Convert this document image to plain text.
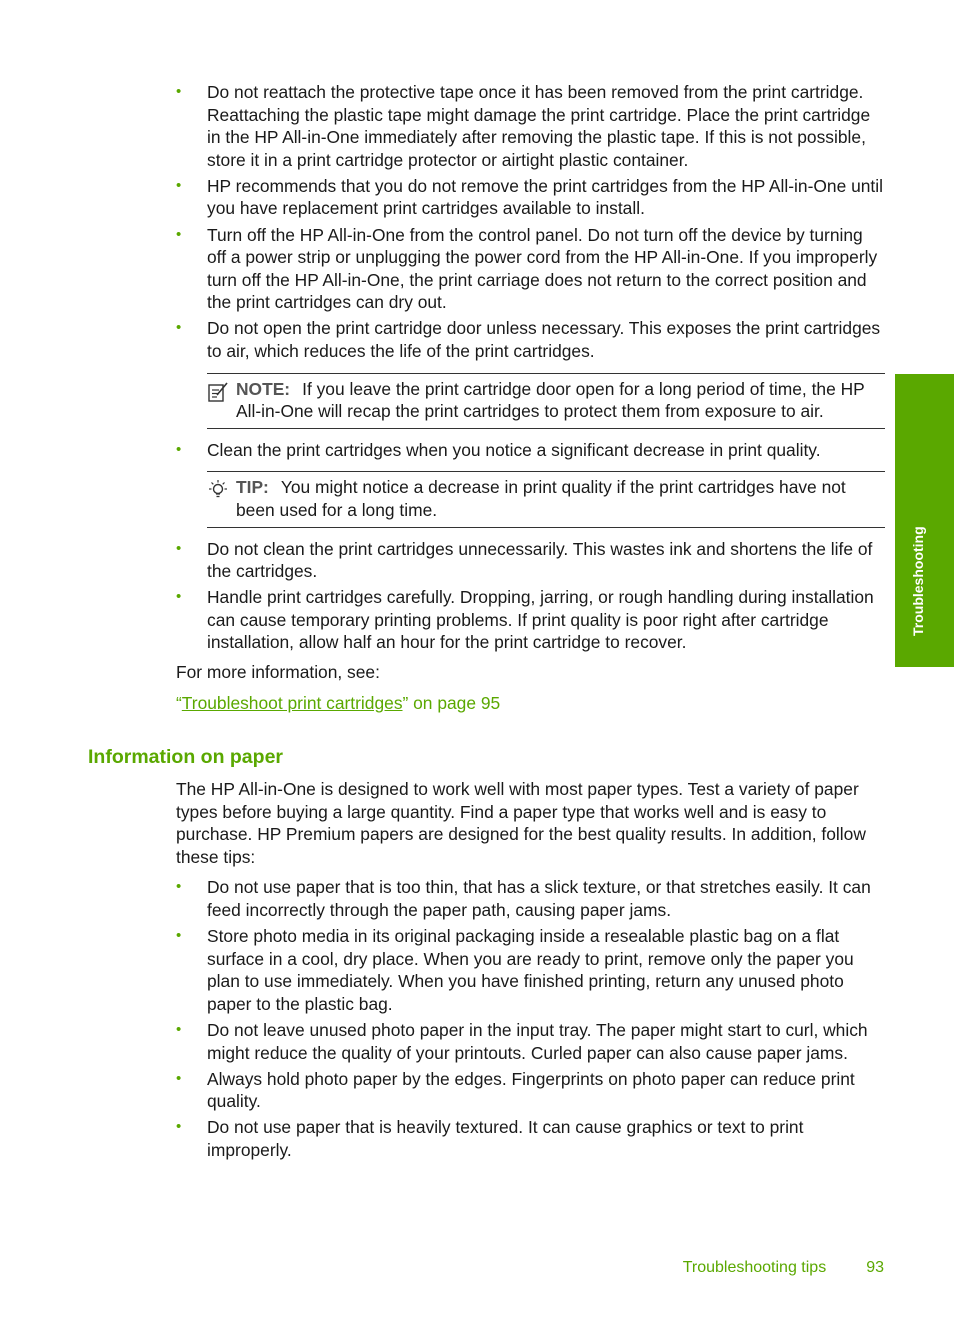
• Do not reattach the protective tape once it has been removed from the print cartridge. Reattaching the plastic tape might damage the print cartridge. Place the print cartridge in the HP All-in-One immediately after removing the plastic tape. If this is not possible, store it in a print cartridge protector or airtight plastic container.
• HP recommends that you do not remove the print cartridges from the HP All-in-One until you have replacement print cartridges available to install.
• Turn off the HP All-in-One from the control panel. Do not turn off the device by turning off a power strip or unplugging the power cord from the HP All-in-One. If you improperly turn off the HP All-in-One, the print carriage does not return to the correct position and the print cartridges can dry out.
• Do not open the print cartridge door unless necessary. This exposes the print cartridges to air, which reduces the life of the print cartridges.
NOTE: If you leave the print cartridge door open for a long period of time, the HP All-in-One will recap the print cartridges to protect them from exposure to air.
• Clean the print cartridges when you notice a significant decrease in print quality.
TIP: You might notice a decrease in print quality if the print cartridges have not been used for a long time.
• Do not clean the print cartridges unnecessarily. This wastes ink and shortens the life of the cartridges.
• Handle print cartridges carefully. Dropping, jarring, or rough handling during installation can cause temporary printing problems. If print quality is poor right after cartridge installation, allow half an hour for the print cartridge to recover.

For more information, see:

“Troubleshoot print cartridges” on page 95

Information on paper

The HP All-in-One is designed to work well with most paper types. Test a variety of paper types before buying a large quantity. Find a paper type that works well and is easy to purchase. HP Premium papers are designed for the best quality results. In addition, follow these tips:

• Do not use paper that is too thin, that has a slick texture, or that stretches easily. It can feed incorrectly through the paper path, causing paper jams.
• Store photo media in its original packaging inside a resealable plastic bag on a flat surface in a cool, dry place. When you are ready to print, remove only the paper you plan to use immediately. When you have finished printing, return any unused photo paper to the plastic bag.
• Do not leave unused photo paper in the input tray. The paper might start to curl, which might reduce the quality of your printouts. Curled paper can also cause paper jams.
• Always hold photo paper by the edges. Fingerprints on photo paper can reduce print quality.
• Do not use paper that is heavily textured. It can cause graphics or text to print improperly.
Troubleshooting
Troubleshooting tips	93
